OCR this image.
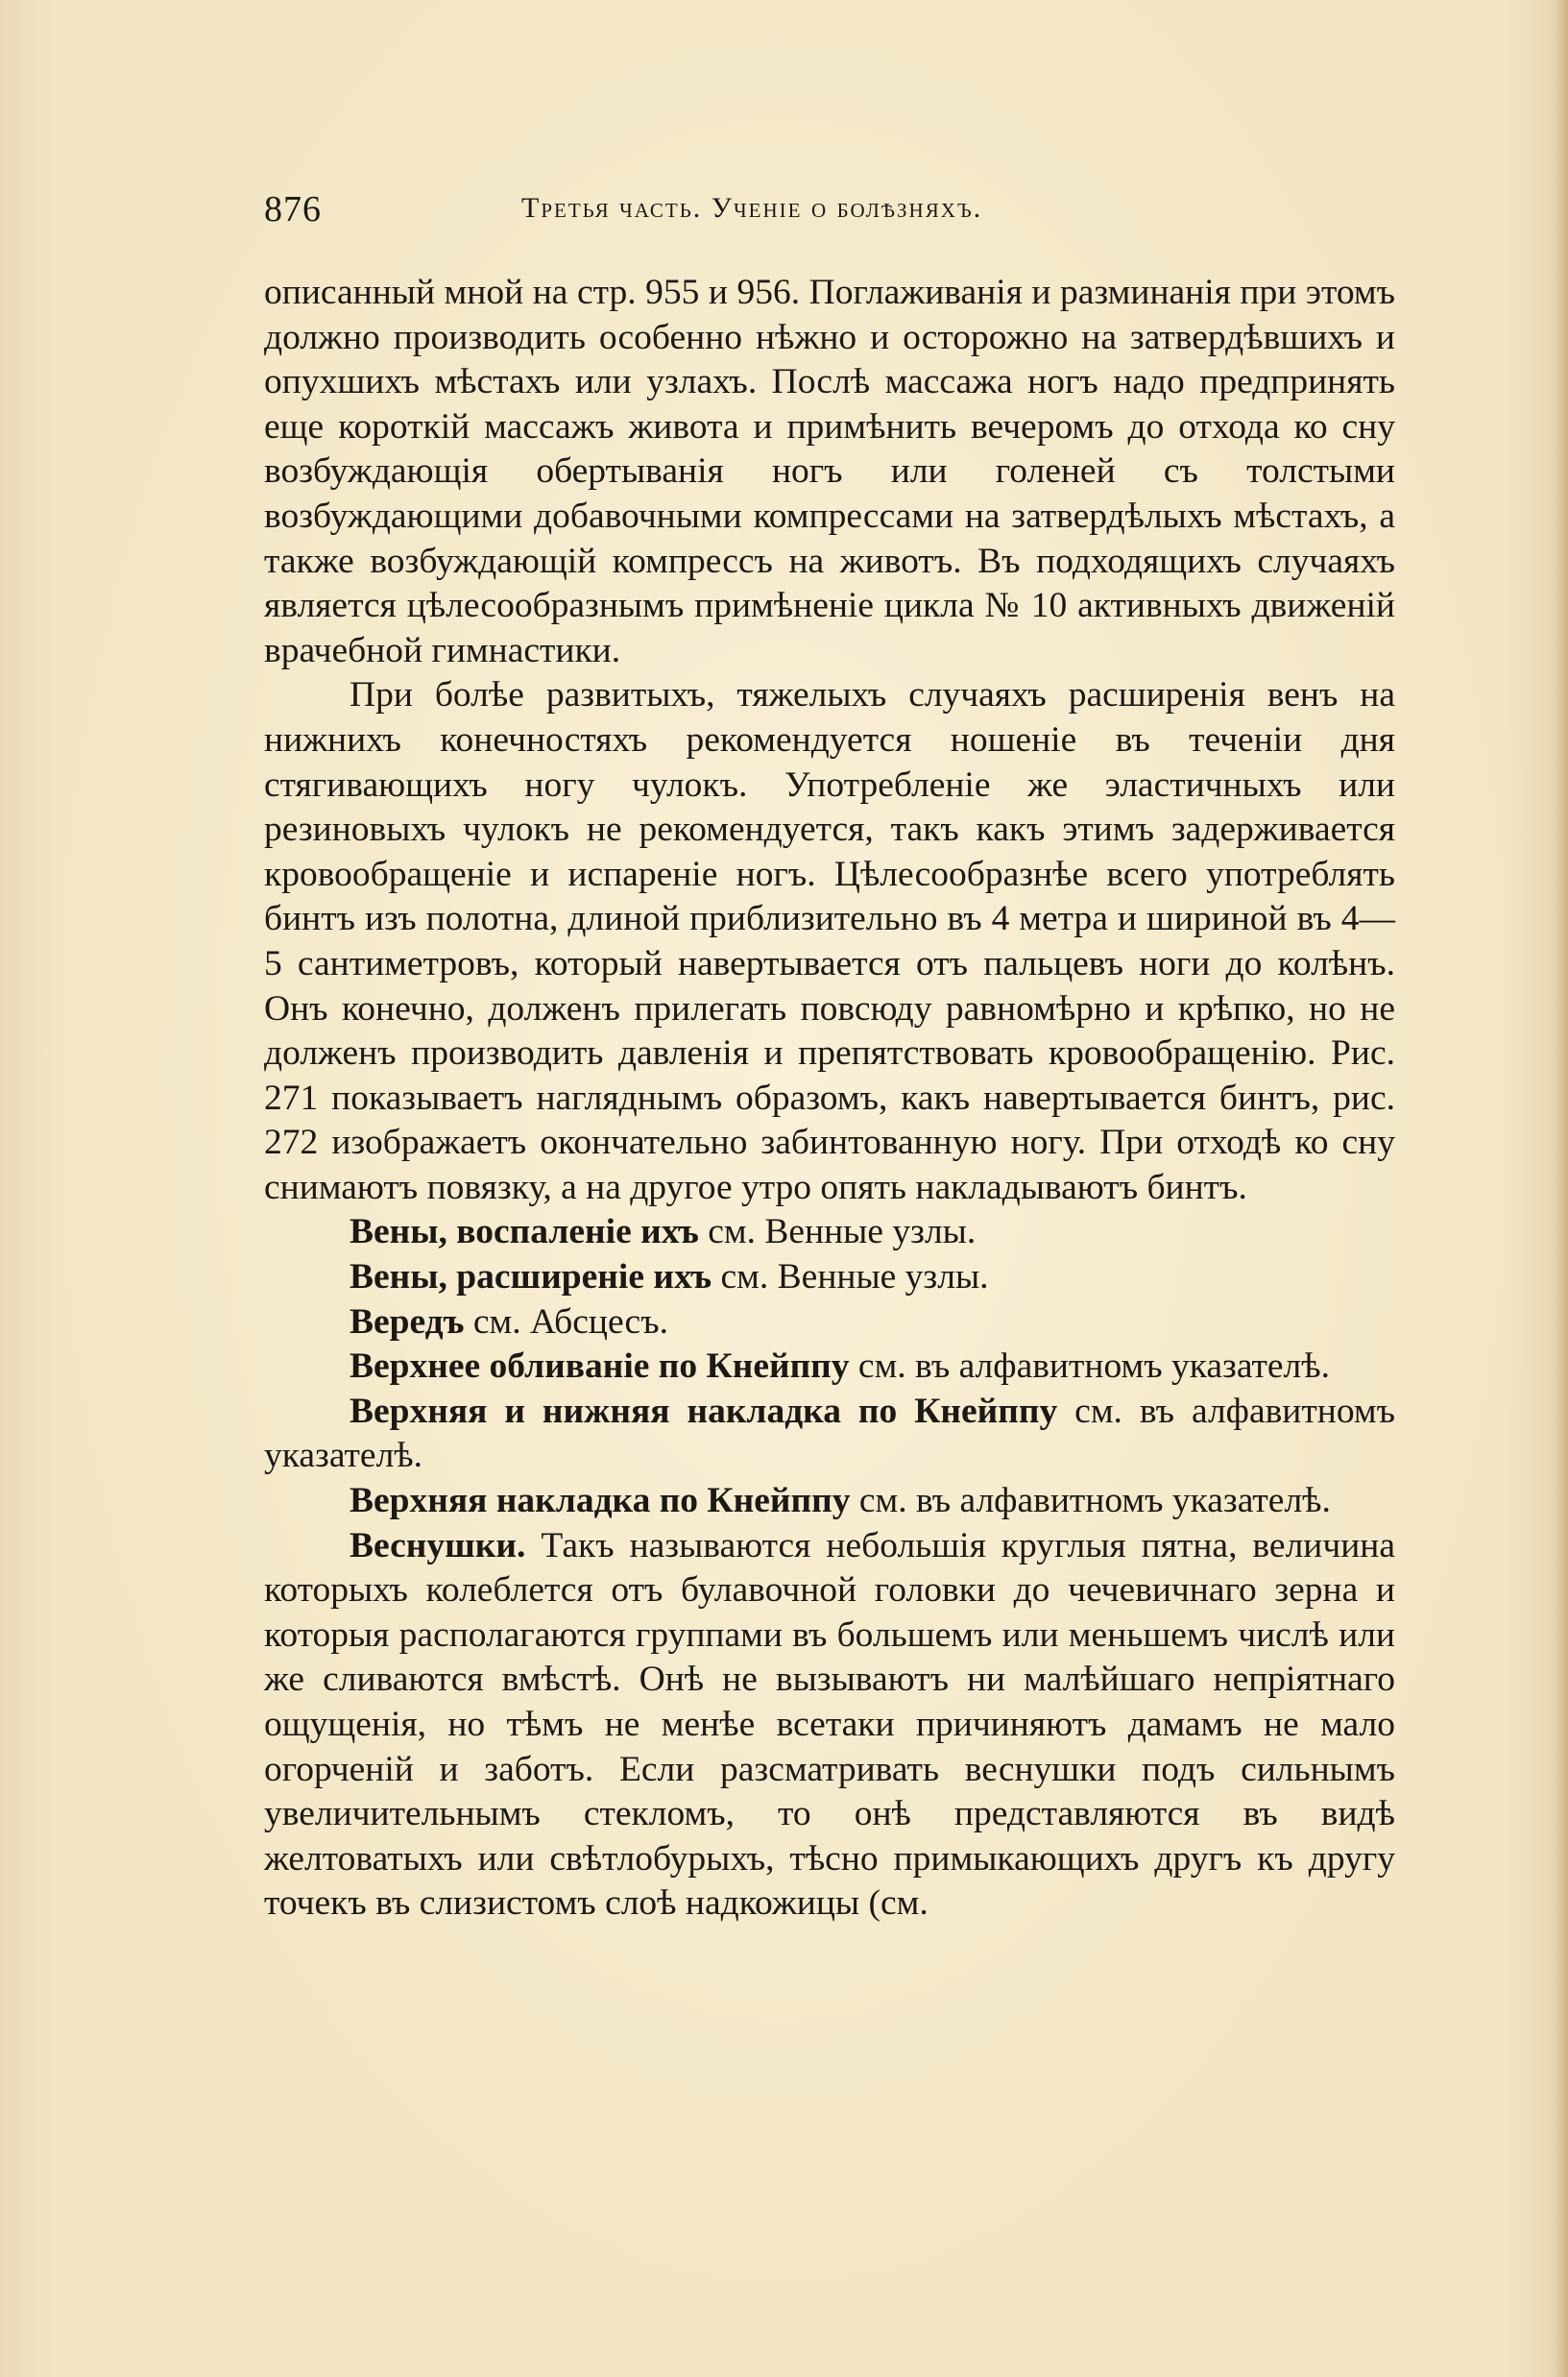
876	Третья часть. Ученіе о болѣзняхъ.

описанный мной на стр. 955 и 956. Поглаживанія и разминанія при этомъ должно производить особенно нѣжно и осторожно на затвердѣвшихъ и опухшихъ мѣстахъ или узлахъ. Послѣ массажа ногъ надо предпринять еще короткій массажъ живота и примѣнить вечеромъ до отхода ко сну возбуждающія обертыванія ногъ или голеней съ толстыми возбуждающими добавочными компрессами на затвердѣлыхъ мѣстахъ, а также возбуждающій компрессъ на животъ. Въ подходящихъ случаяхъ является цѣлесообразнымъ примѣненіе цикла № 10 активныхъ движеній врачебной гимнастики.

При болѣе развитыхъ, тяжелыхъ случаяхъ расширенія венъ на нижнихъ конечностяхъ рекомендуется ношеніе въ теченіи дня стягивающихъ ногу чулокъ. Употребленіе же эластичныхъ или резиновыхъ чулокъ не рекомендуется, такъ какъ этимъ задерживается кровообращеніе и испареніе ногъ. Цѣлесообразнѣе всего употреблять бинтъ изъ полотна, длиной приблизительно въ 4 метра и шириной въ 4—5 сантиметровъ, который навертывается отъ пальцевъ ноги до колѣнъ. Онъ конечно, долженъ прилегать повсюду равномѣрно и крѣпко, но не долженъ производить давленія и препятствовать кровообращенію. Рис. 271 показываетъ нагляднымъ образомъ, какъ навертывается бинтъ, рис. 272 изображаетъ окончательно забинтованную ногу. При отходѣ ко сну снимаютъ повязку, а на другое утро опять накладываютъ бинтъ.

Вены, воспаленіе ихъ см. Венные узлы.

Вены, расширеніе ихъ см. Венные узлы.

Вередъ см. Абсцесъ.

Верхнее обливаніе по Кнейппу см. въ алфавитномъ указателѣ.

Верхняя и нижняя накладка по Кнейппу см. въ алфавитномъ указателѣ.

Верхняя накладка по Кнейппу см. въ алфавитномъ указателѣ.

Веснушки. Такъ называются небольшія круглыя пятна, величина которыхъ колеблется отъ булавочной головки до чечевичнаго зерна и которыя располагаются группами въ большемъ или меньшемъ числѣ или же сливаются вмѣстѣ. Онѣ не вызываютъ ни малѣйшаго непріятнаго ощущенія, но тѣмъ не менѣе всетаки причиняютъ дамамъ не мало огорченій и заботъ. Если разсматривать веснушки подъ сильнымъ увеличительнымъ стекломъ, то онѣ представляются въ видѣ желтоватыхъ или свѣтлобурыхъ, тѣсно примыкающихъ другъ къ другу точекъ въ слизистомъ слоѣ надкожицы (см.
